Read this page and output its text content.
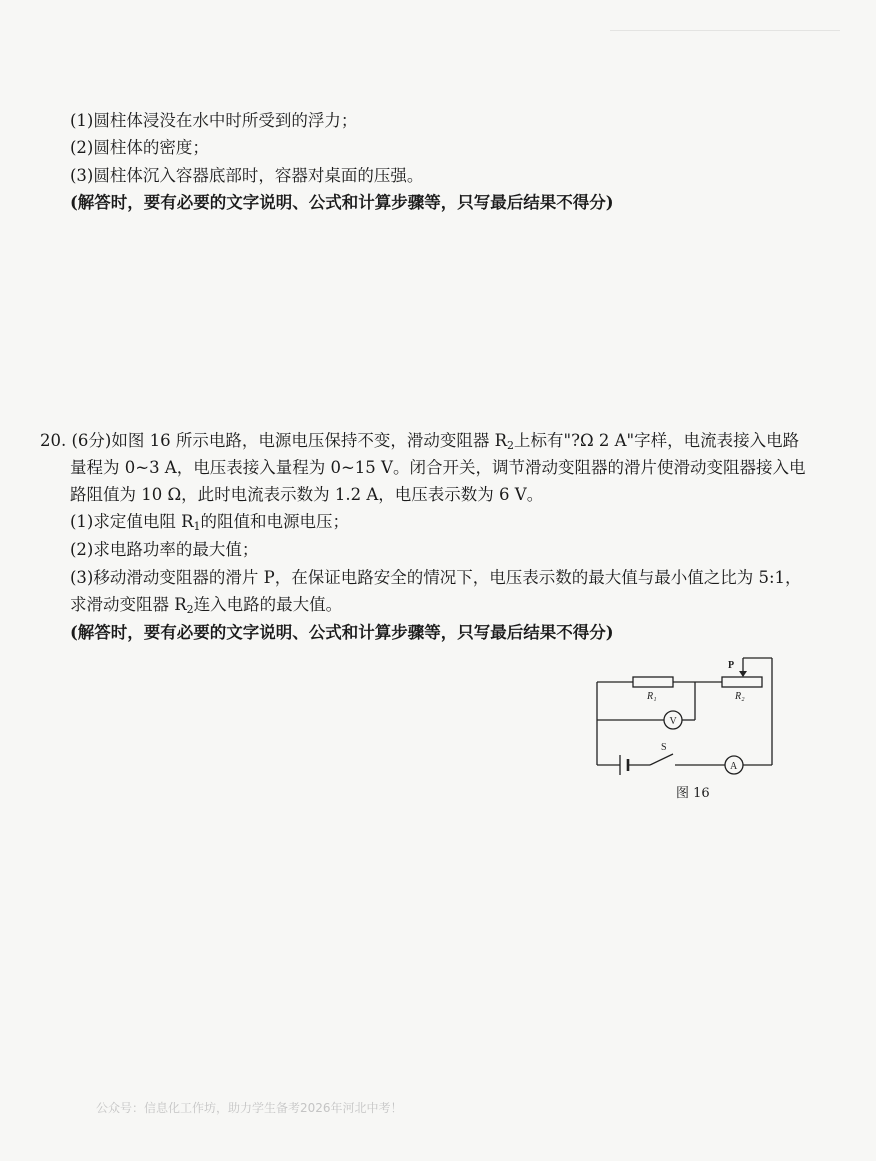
(1)圆柱体浸没在水中时所受到的浮力；
(2)圆柱体的密度；
(3)圆柱体沉入容器底部时，容器对桌面的压强。
(解答时，要有必要的文字说明、公式和计算步骤等，只写最后结果不得分)
20. (6分)如图 16 所示电路，电源电压保持不变，滑动变阻器 $R_2$上标有"?Ω 2 A"字样，电流表接入电路
量程为 0~3 A，电压表接入量程为 0~15 V。闭合开关，调节滑动变阻器的滑片使滑动变阻器接入电
路阻值为 10 Ω，此时电流表示数为 1.2 A，电压表示数为 6 V。
(1)求定值电阻 $R_1$的阻值和电源电压；
(2)求电路功率的最大值；
(3)移动滑动变阻器的滑片 P，在保证电路安全的情况下，电压表示数的最大值与最小值之比为 5:1，
求滑动变阻器 $R_2$连入电路的最大值。
(解答时，要有必要的文字说明、公式和计算步骤等，只写最后结果不得分)
R₁	R₂
P
S
V
A
图 16
公众号：信息化工作坊，助力学生备考2026年河北中考！
